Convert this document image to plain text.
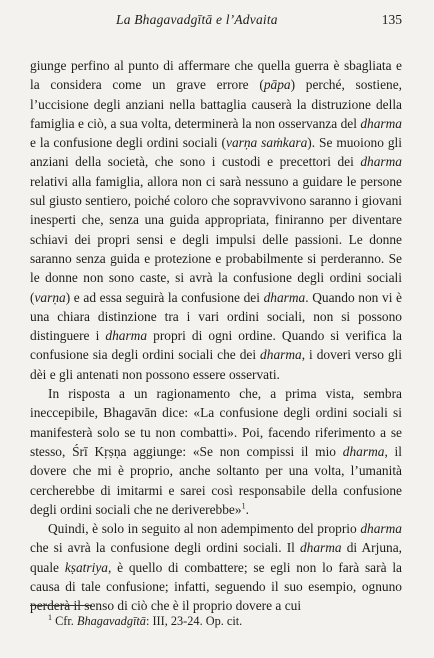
La Bhagavadgītā e l’Advaita	135

giunge perfino al punto di affermare che quella guerra è sbagliata e la considera come un grave errore (pāpa) perché, sostiene, l’uccisione degli anziani nella battaglia causerà la distruzione della famiglia e ciò, a sua volta, determinerà la non osservanza del dharma e la confusione degli ordini sociali (varṇa saṁkara). Se muoiono gli anziani della società, che sono i custodi e precettori dei dharma relativi alla famiglia, allora non ci sarà nessuno a guidare le persone sul giusto sentiero, poiché coloro che sopravvivono saranno i giovani inesperti che, senza una guida appropriata, finiranno per diventare schiavi dei propri sensi e degli impulsi delle passioni. Le donne saranno senza guida e protezione e probabilmente si perderanno. Se le donne non sono caste, si avrà la confusione degli ordini sociali (varṇa) e ad essa seguirà la confusione dei dharma. Quando non vi è una chiara distinzione tra i vari ordini sociali, non si possono distinguere i dharma propri di ogni ordine. Quando si verifica la confusione sia degli ordini sociali che dei dharma, i doveri verso gli dèi e gli antenati non possono essere osservati.

In risposta a un ragionamento che, a prima vista, sembra ineccepibile, Bhagavān dice: «La confusione degli ordini sociali si manifesterà solo se tu non combatti». Poi, facendo riferimento a se stesso, Śrī Kṛṣṇa aggiunge: «Se non compissi il mio dharma, il dovere che mi è proprio, anche soltanto per una volta, l’umanità cercherebbe di imitarmi e sarei così responsabile della confusione degli ordini sociali che ne deriverebbe»$^1$.

Quindi, è solo in seguito al non adempimento del proprio dharma che si avrà la confusione degli ordini sociali. Il dharma di Arjuna, quale kṣatriya, è quello di combattere; se egli non lo farà sarà la causa di tale confusione; infatti, seguendo il suo esempio, ognuno perderà il senso di ciò che è il proprio dovere a cui

$^1$ Cfr. Bhagavadgītā: III, 23-24. Op. cit.
